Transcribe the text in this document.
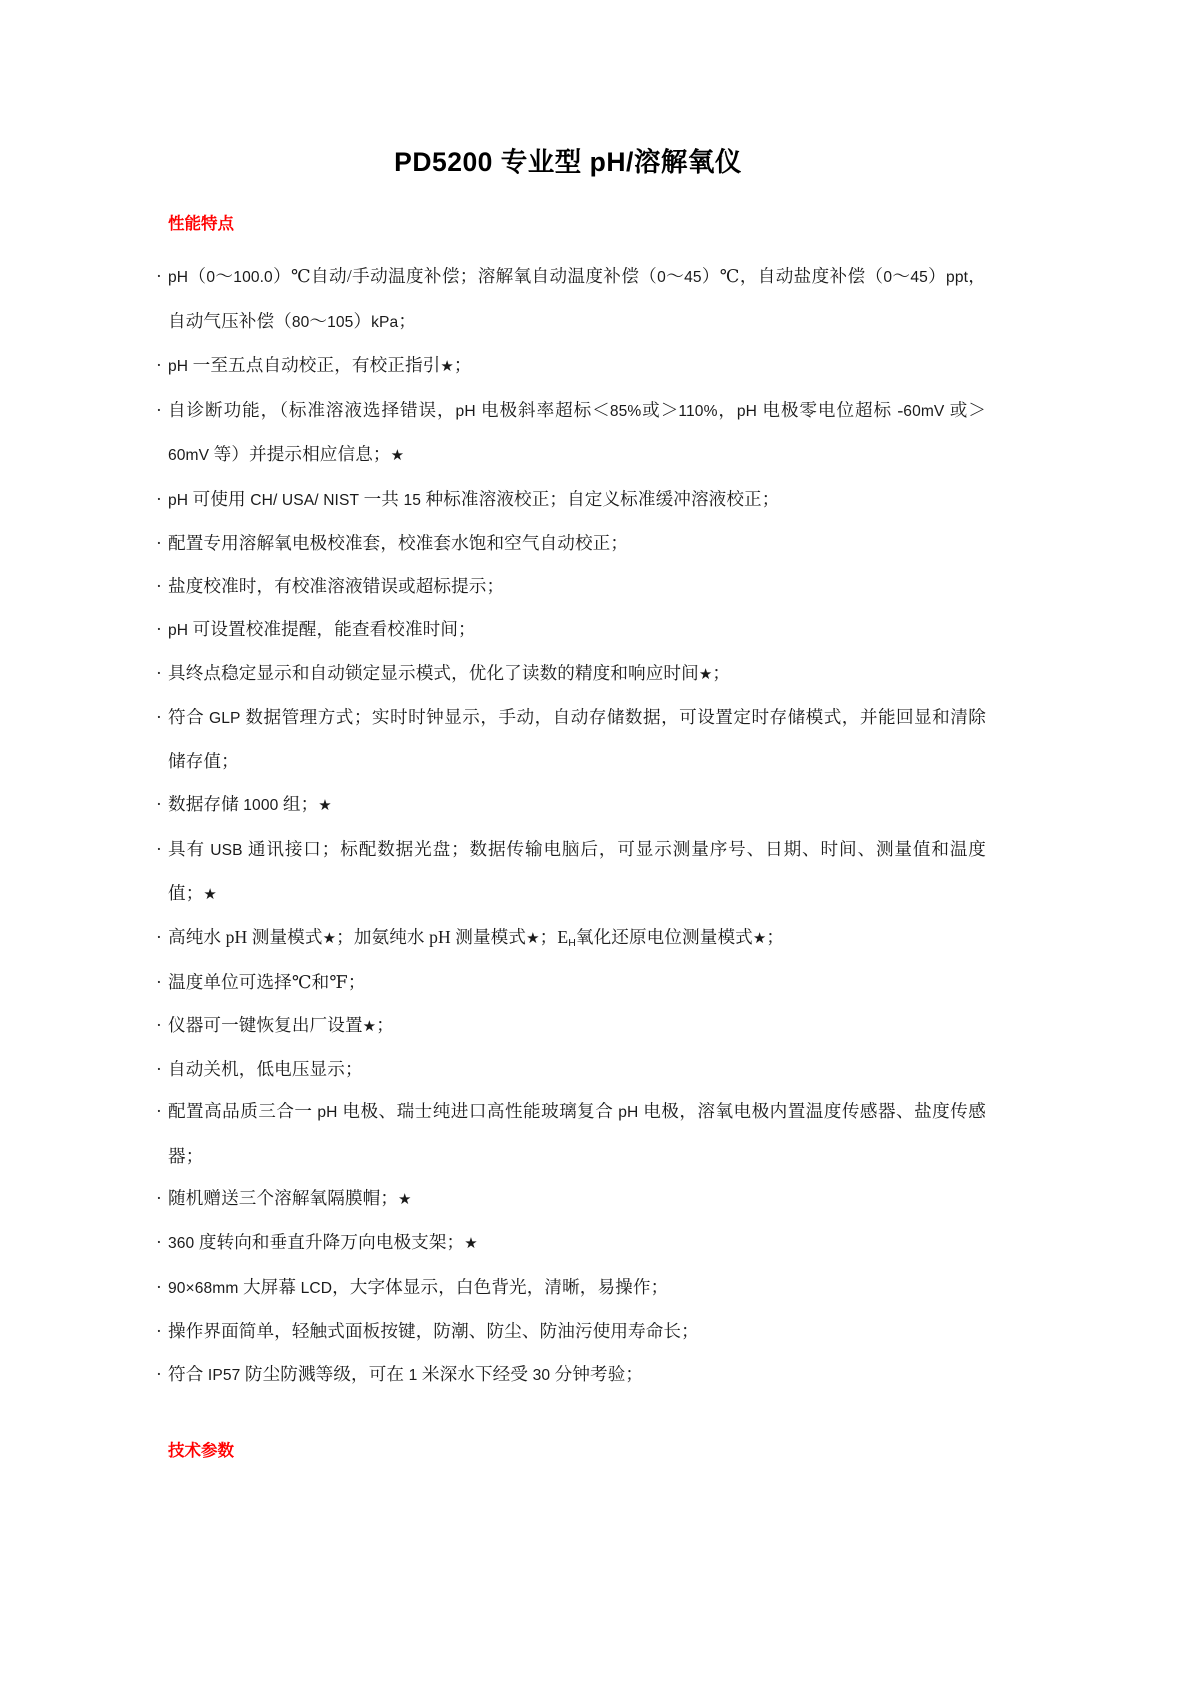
PD5200 专业型 pH/溶解氧仪
性能特点
· pH（0～100.0）℃自动/手动温度补偿；溶解氧自动温度补偿（0～45）℃，自动盐度补偿（0～45）ppt，自动气压补偿（80～105）kPa；
· pH 一至五点自动校正，有校正指引★；
· 自诊断功能，（标准溶液选择错误，pH 电极斜率超标＜85%或＞110%，pH 电极零电位超标 -60mV 或＞60mV 等）并提示相应信息；★
· pH 可使用 CH/ USA/ NIST 一共 15 种标准溶液校正；自定义标准缓冲溶液校正；
· 配置专用溶解氧电极校准套，校准套水饱和空气自动校正；
· 盐度校准时，有校准溶液错误或超标提示；
· pH 可设置校准提醒，能查看校准时间；
· 具终点稳定显示和自动锁定显示模式，优化了读数的精度和响应时间★；
· 符合 GLP 数据管理方式；实时时钟显示，手动，自动存储数据，可设置定时存储模式，并能回显和清除储存值；
· 数据存储 1000 组；★
· 具有 USB 通讯接口；标配数据光盘；数据传输电脑后，可显示测量序号、日期、时间、测量值和温度值；★
· 高纯水 pH 测量模式★；加氨纯水 pH 测量模式★；$E_H$氧化还原电位测量模式★；
· 温度单位可选择℃和℉；
· 仪器可一键恢复出厂设置★；
· 自动关机，低电压显示；
· 配置高品质三合一 pH 电极、瑞士纯进口高性能玻璃复合 pH 电极，溶氧电极内置温度传感器、盐度传感器；
· 随机赠送三个溶解氧隔膜帽；★
· 360 度转向和垂直升降万向电极支架；★
· 90×68mm 大屏幕 LCD，大字体显示，白色背光，清晰，易操作；
· 操作界面简单，轻触式面板按键，防潮、防尘、防油污使用寿命长；
· 符合 IP57 防尘防溅等级，可在 1 米深水下经受 30 分钟考验；
技术参数
